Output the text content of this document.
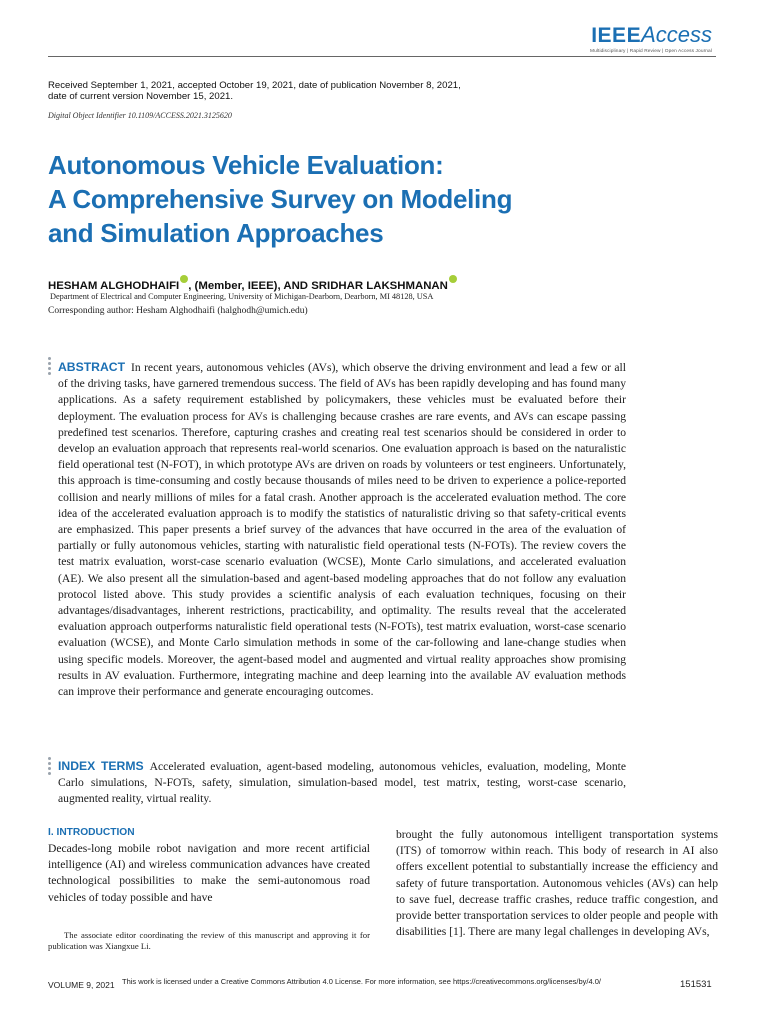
IEEEAccess
Multidisciplinary | Rapid Review | Open Access Journal
Received September 1, 2021, accepted October 19, 2021, date of publication November 8, 2021,
date of current version November 15, 2021.
Digital Object Identifier 10.1109/ACCESS.2021.3125620
Autonomous Vehicle Evaluation:
A Comprehensive Survey on Modeling
and Simulation Approaches
HESHAM ALGHODHAIFI , (Member, IEEE), AND SRIDHAR LAKSHMANAN
Department of Electrical and Computer Engineering, University of Michigan-Dearborn, Dearborn, MI 48128, USA
Corresponding author: Hesham Alghodhaifi (halghodh@umich.edu)
ABSTRACT In recent years, autonomous vehicles (AVs), which observe the driving environment and lead a few or all of the driving tasks, have garnered tremendous success. The field of AVs has been rapidly developing and has found many applications. As a safety requirement established by policymakers, these vehicles must be evaluated before their deployment. The evaluation process for AVs is challenging because crashes are rare events, and AVs can escape passing predefined test scenarios. Therefore, capturing crashes and creating real test scenarios should be considered in order to develop an evaluation approach that represents real-world scenarios. One evaluation approach is based on the naturalistic field operational test (N-FOT), in which prototype AVs are driven on roads by volunteers or test engineers. Unfortunately, this approach is time-consuming and costly because thousands of miles need to be driven to experience a police-reported collision and nearly millions of miles for a fatal crash. Another approach is the accelerated evaluation method. The core idea of the accelerated evaluation approach is to modify the statistics of naturalistic driving so that safety-critical events are emphasized. This paper presents a brief survey of the advances that have occurred in the area of the evaluation of partially or fully autonomous vehicles, starting with naturalistic field operational tests (N-FOTs). The review covers the test matrix evaluation, worst-case scenario evaluation (WCSE), Monte Carlo simulations, and accelerated evaluation (AE). We also present all the simulation-based and agent-based modeling approaches that do not follow any evaluation protocol listed above. This study provides a scientific analysis of each evaluation techniques, focusing on their advantages/disadvantages, inherent restrictions, practicability, and optimality. The results reveal that the accelerated evaluation approach outperforms naturalistic field operational tests (N-FOTs), test matrix evaluation, worst-case scenario evaluation (WCSE), and Monte Carlo simulation methods in some of the car-following and lane-change studies when using specific models. Moreover, the agent-based model and augmented and virtual reality approaches show promising results in AV evaluation. Furthermore, integrating machine and deep learning into the available AV evaluation methods can improve their performance and generate encouraging outcomes.
INDEX TERMS Accelerated evaluation, agent-based modeling, autonomous vehicles, evaluation, modeling, Monte Carlo simulations, N-FOTs, safety, simulation, simulation-based model, test matrix, testing, worst-case scenario, augmented reality, virtual reality.
I. INTRODUCTION
Decades-long mobile robot navigation and more recent artificial intelligence (AI) and wireless communication advances have created technological possibilities to make the semi-autonomous road vehicles of today possible and have
The associate editor coordinating the review of this manuscript and approving it for publication was Xiangxue Li.
brought the fully autonomous intelligent transportation systems (ITS) of tomorrow within reach. This body of research in AI also offers excellent potential to substantially increase the efficiency and safety of future transportation. Autonomous vehicles (AVs) can help to save fuel, decrease traffic crashes, reduce traffic congestion, and provide better transportation services to older people and people with disabilities [1]. There are many legal challenges in developing AVs,
VOLUME 9, 2021 This work is licensed under a Creative Commons Attribution 4.0 License. For more information, see https://creativecommons.org/licenses/by/4.0/	151531
